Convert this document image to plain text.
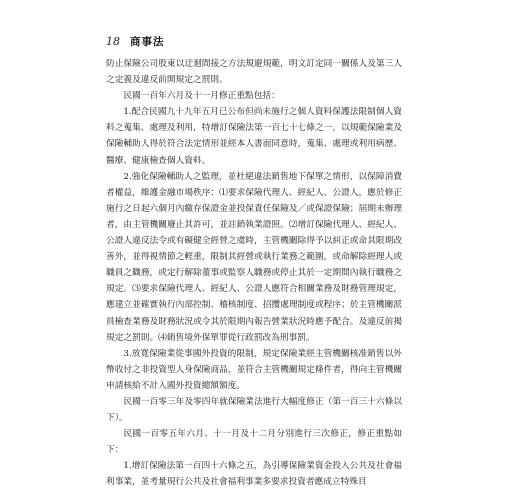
18 商事法

防止保險公司股東以迂迴間接之方法規避規範，明文訂定同一關係人及第三人之定義及違反前開規定之罰則。

民國一百年六月及十一月修正重點包括：

1.配合民國九十九年五月已公布但尚未施行之個人資料保護法限制個人資料之蒐集、處理及利用，特增訂保險法第一百七十七條之一，以規範保險業及保險輔助人得於符合法定情形並經本人書面同意時，蒐集、處理或利用病歷、醫療、健康檢查個人資料。

2.強化保險輔助人之監理，並杜絕違法銷售地下保單之情形，以保障消費者權益，維護金融市場秩序：⑴要求保險代理人、經紀人、公證人，應於修正施行之日起六個月內繳存保證金並投保責任保險及／或保證保險；屆期未辦理者，由主管機關廢止其許可，並註銷執業證照。⑵增訂保險代理人、經紀人、公證人違反法令或有礙健全經營之虞時，主管機關除得予以糾正或命其限期改善外，並得視情節之輕重，限制其經營或執行業務之範圍，或命解除經理人或職員之職務，或定行解除董事或監察人職務或停止其於一定期間內執行職務之規定。⑶要求保險代理人、經紀人、公證人應符合相關業務及財務管理規定，應建立並確實執行內部控制、稽核制度、招攬處理制度或程序；於主管機關派員檢查業務及財務狀況或令其於限期內報告營業狀況時應予配合。及違反前揭規定之罰則。⑷銷售境外保單罪從行政罰改為刑事罰。

3.放寬保險業從事國外投資的限制，規定保險業經主管機關核准銷售以外幣收付之非投資型人身保險商品，並符合主管機關規定條件者，得向主管機關申請核給不計入國外投資總額額度。

民國一百零三年及零四年就保險業法進行大幅度修正（第一百三十六條以下）。

民國一百零五年六月、十一月及十二月分別進行三次修正，修正重點如下：

1.增訂保險法第一百四十六條之五，為引導保險業資金投入公共及社會福利事業，並考量現行公共及社會福利事業多要求投資者應成立特殊目
